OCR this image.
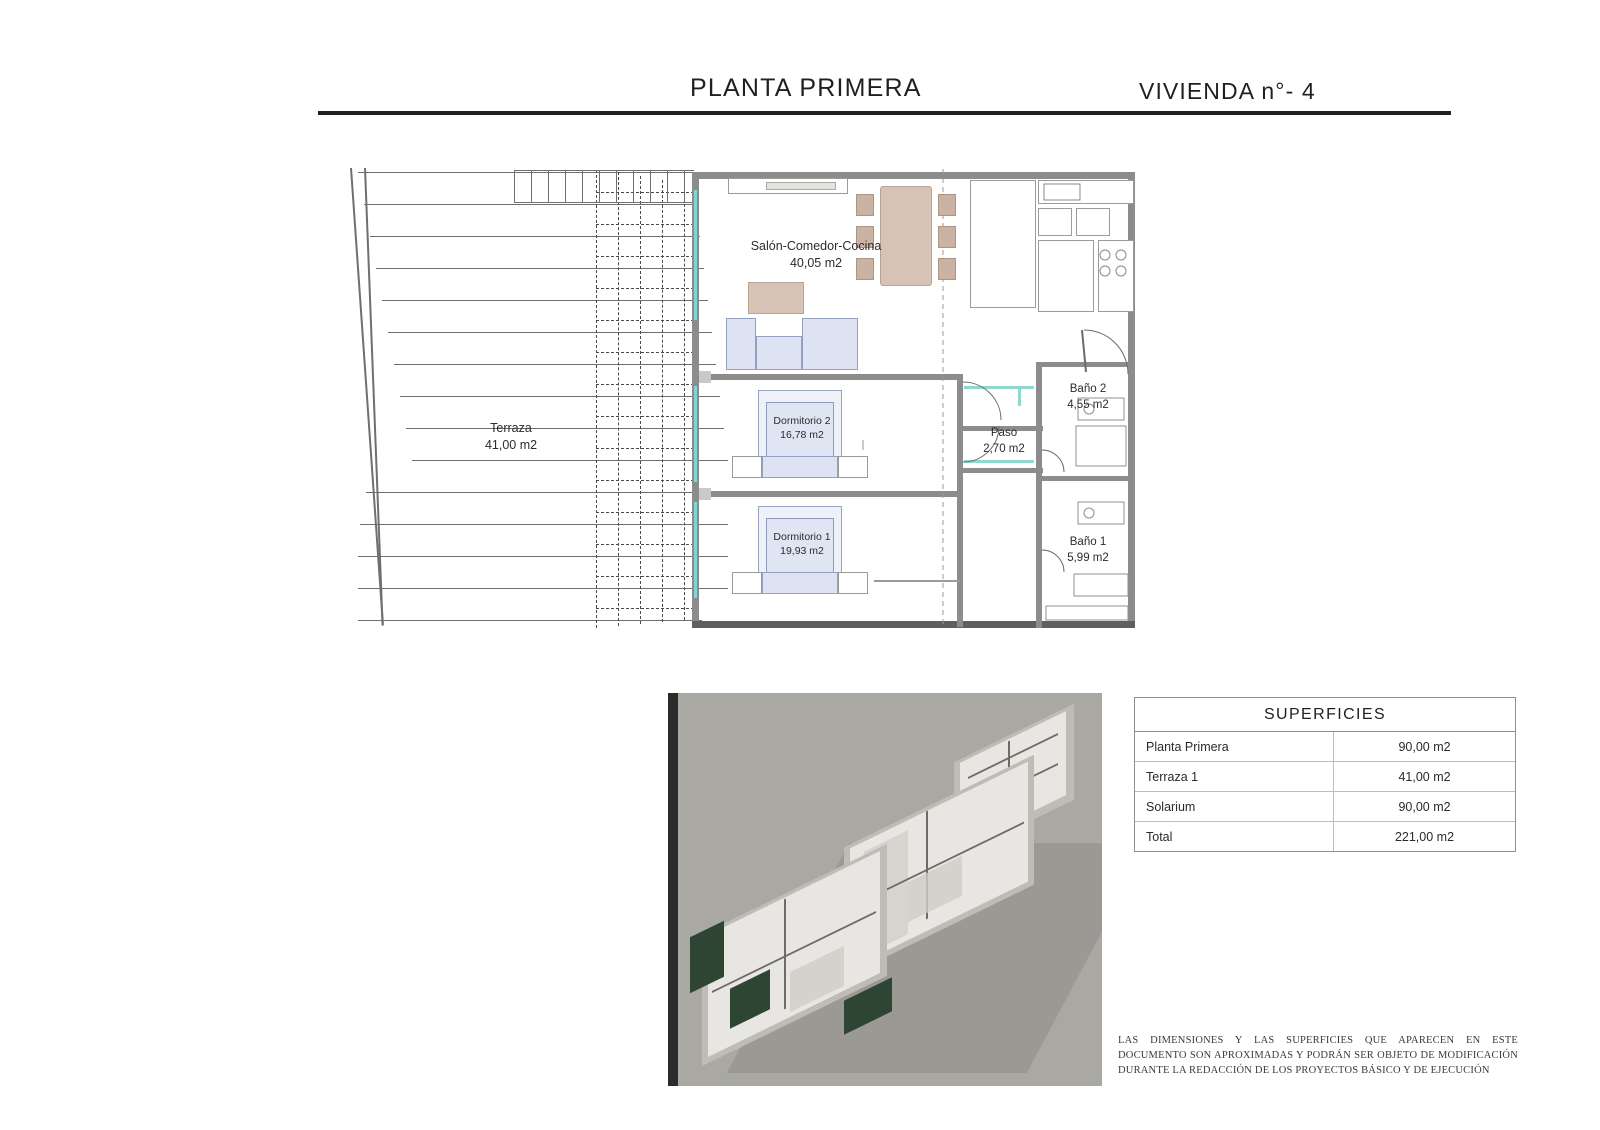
PLANTA PRIMERA	VIVIENDA n°- 4
Terraza
41,00 m2
Salón-Comedor-Cocina
40,05 m2
Dormitorio 2
16,78 m2
Dormitorio 1
19,93 m2
Baño 2
4,55 m2
Baño 1
5,99 m2
Paso
2,70 m2
SUPERFICIES
Planta Primera	90,00 m2
Terraza 1	41,00 m2
Solarium	90,00 m2
Total	221,00 m2
LAS DIMENSIONES Y LAS SUPERFICIES QUE APARECEN EN ESTE DOCUMENTO SON APROXIMADAS Y PODRÁN SER OBJETO DE MODIFICACIÓN DURANTE LA REDACCIÓN DE LOS PROYECTOS BÁSICO Y DE EJECUCIÓN
